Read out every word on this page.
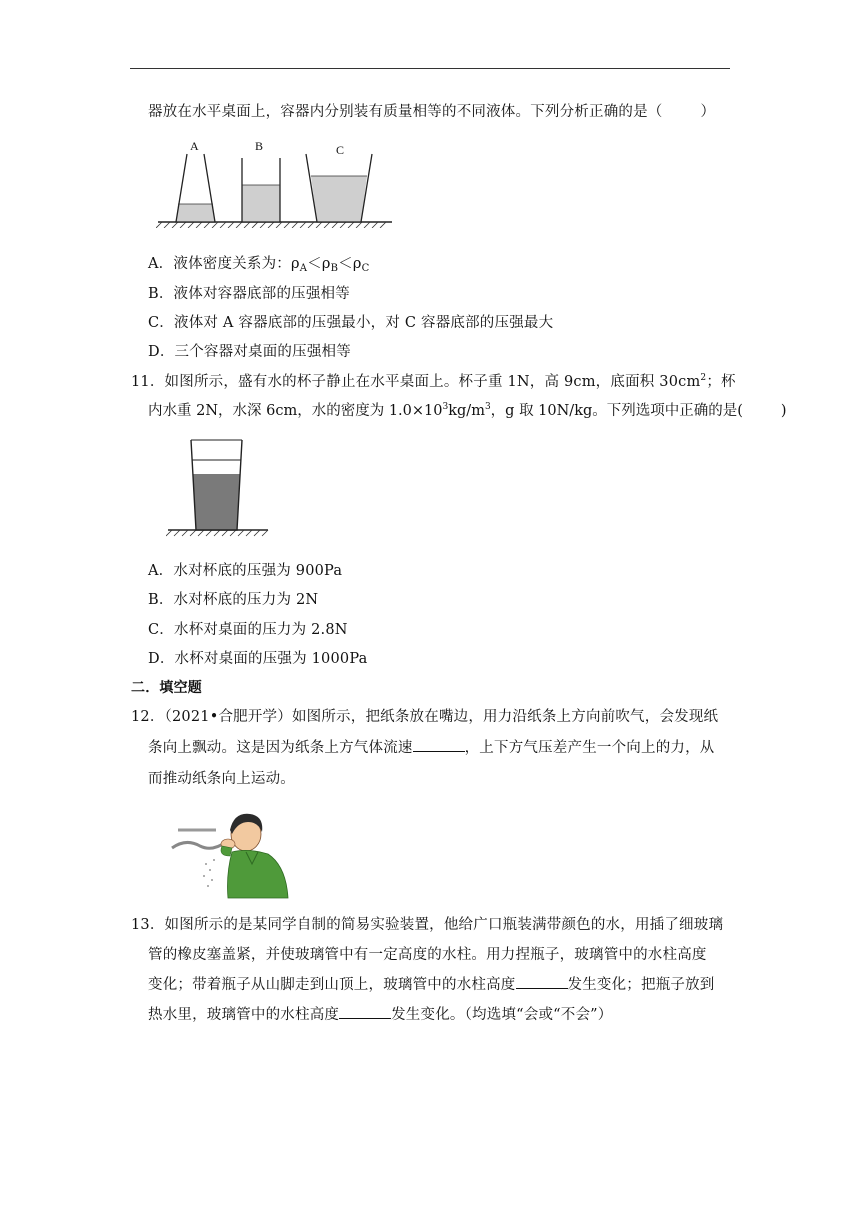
器放在水平桌面上，容器内分别装有质量相等的不同液体。下列分析正确的是（	）
A	B	C
A．液体密度关系为：$\rho_A<\rho_B<\rho_C$
B．液体对容器底部的压强相等
C．液体对 A 容器底部的压强最小，对 C 容器底部的压强最大
D．三个容器对桌面的压强相等
11．如图所示，盛有水的杯子静止在水平桌面上。杯子重 1N，高 9cm，底面积 $30cm^2$；杯
内水重 2N，水深 6cm，水的密度为 $1.0\times 10^3kg/m^3$，g 取 10N/kg。下列选项中正确的是(	)
A．水对杯底的压强为 900Pa
B．水对杯底的压力为 2N
C．水杯对桌面的压力为 2.8N
D．水杯对桌面的压强为 1000Pa
二．填空题
12．（2021•合肥开学）如图所示，把纸条放在嘴边，用力沿纸条上方向前吹气，会发现纸
条向上飘动。这是因为纸条上方气体流速	，上下方气压差产生一个向上的力，从
而推动纸条向上运动。
13．如图所示的是某同学自制的简易实验装置，他给广口瓶装满带颜色的水，用插了细玻璃
管的橡皮塞盖紧，并使玻璃管中有一定高度的水柱。用力捏瓶子，玻璃管中的水柱高度
变化；带着瓶子从山脚走到山顶上，玻璃管中的水柱高度	发生变化；把瓶子放到
热水里，玻璃管中的水柱高度	发生变化。（均选填“会或“不会”）
